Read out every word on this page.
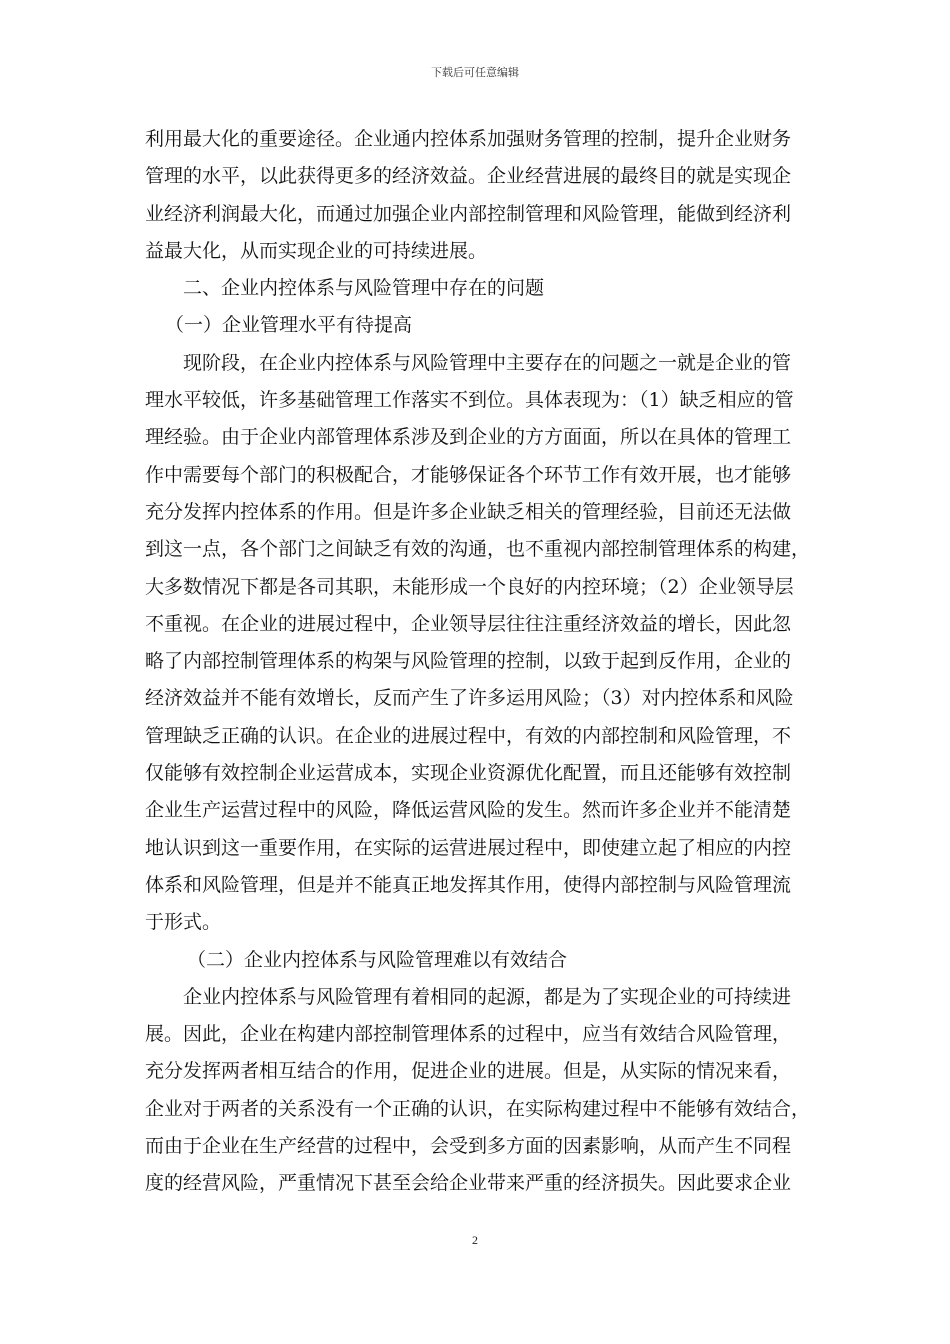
下载后可任意编辑
利用最大化的重要途径。企业通内控体系加强财务管理的控制，提升企业财务
管理的水平，以此获得更多的经济效益。企业经营进展的最终目的就是实现企
业经济利润最大化，而通过加强企业内部控制管理和风险管理，能做到经济利
益最大化，从而实现企业的可持续进展。
二、企业内控体系与风险管理中存在的问题
（一）企业管理水平有待提高
现阶段，在企业内控体系与风险管理中主要存在的问题之一就是企业的管
理水平较低，许多基础管理工作落实不到位。具体表现为：（1）缺乏相应的管
理经验。由于企业内部管理体系涉及到企业的方方面面，所以在具体的管理工
作中需要每个部门的积极配合，才能够保证各个环节工作有效开展，也才能够
充分发挥内控体系的作用。但是许多企业缺乏相关的管理经验，目前还无法做
到这一点，各个部门之间缺乏有效的沟通，也不重视内部控制管理体系的构建，
大多数情况下都是各司其职，未能形成一个良好的内控环境；（2）企业领导层
不重视。在企业的进展过程中，企业领导层往往注重经济效益的增长，因此忽
略了内部控制管理体系的构架与风险管理的控制，以致于起到反作用，企业的
经济效益并不能有效增长，反而产生了许多运用风险；（3）对内控体系和风险
管理缺乏正确的认识。在企业的进展过程中，有效的内部控制和风险管理，不
仅能够有效控制企业运营成本，实现企业资源优化配置，而且还能够有效控制
企业生产运营过程中的风险，降低运营风险的发生。然而许多企业并不能清楚
地认识到这一重要作用，在实际的运营进展过程中，即使建立起了相应的内控
体系和风险管理，但是并不能真正地发挥其作用，使得内部控制与风险管理流
于形式。
（二）企业内控体系与风险管理难以有效结合
企业内控体系与风险管理有着相同的起源，都是为了实现企业的可持续进
展。因此，企业在构建内部控制管理体系的过程中，应当有效结合风险管理，
充分发挥两者相互结合的作用，促进企业的进展。但是，从实际的情况来看，
企业对于两者的关系没有一个正确的认识，在实际构建过程中不能够有效结合，
而由于企业在生产经营的过程中，会受到多方面的因素影响，从而产生不同程
度的经营风险，严重情况下甚至会给企业带来严重的经济损失。因此要求企业
2
